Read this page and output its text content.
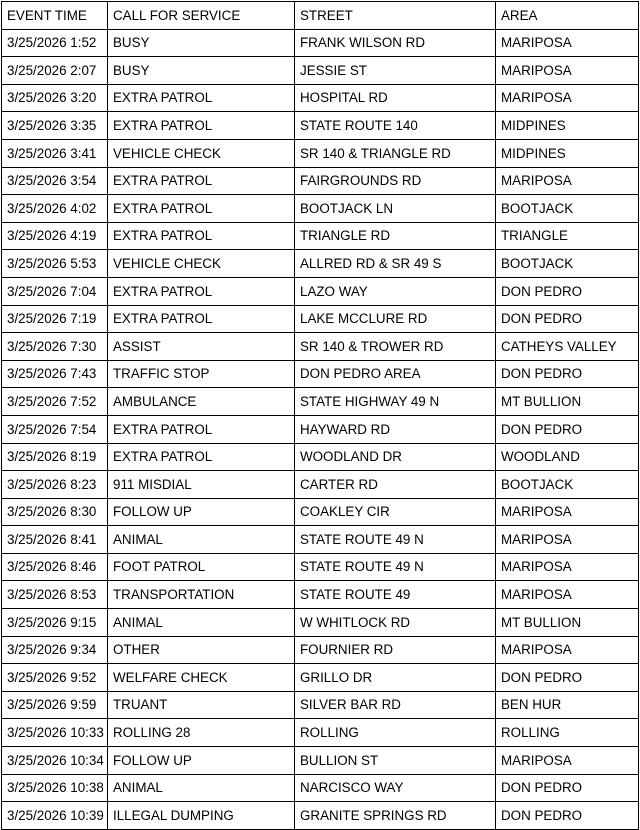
EVENT TIME	CALL FOR SERVICE	STREET	AREA
3/25/2026 1:52	BUSY	FRANK WILSON RD	MARIPOSA
3/25/2026 2:07	BUSY	JESSIE ST	MARIPOSA
3/25/2026 3:20	EXTRA PATROL	HOSPITAL RD	MARIPOSA
3/25/2026 3:35	EXTRA PATROL	STATE ROUTE 140	MIDPINES
3/25/2026 3:41	VEHICLE CHECK	SR 140 & TRIANGLE RD	MIDPINES
3/25/2026 3:54	EXTRA PATROL	FAIRGROUNDS RD	MARIPOSA
3/25/2026 4:02	EXTRA PATROL	BOOTJACK LN	BOOTJACK
3/25/2026 4:19	EXTRA PATROL	TRIANGLE RD	TRIANGLE
3/25/2026 5:53	VEHICLE CHECK	ALLRED RD & SR 49 S	BOOTJACK
3/25/2026 7:04	EXTRA PATROL	LAZO WAY	DON PEDRO
3/25/2026 7:19	EXTRA PATROL	LAKE MCCLURE RD	DON PEDRO
3/25/2026 7:30	ASSIST	SR 140 & TROWER RD	CATHEYS VALLEY
3/25/2026 7:43	TRAFFIC STOP	DON PEDRO AREA	DON PEDRO
3/25/2026 7:52	AMBULANCE	STATE HIGHWAY 49 N	MT BULLION
3/25/2026 7:54	EXTRA PATROL	HAYWARD RD	DON PEDRO
3/25/2026 8:19	EXTRA PATROL	WOODLAND DR	WOODLAND
3/25/2026 8:23	911 MISDIAL	CARTER RD	BOOTJACK
3/25/2026 8:30	FOLLOW UP	COAKLEY CIR	MARIPOSA
3/25/2026 8:41	ANIMAL	STATE ROUTE 49 N	MARIPOSA
3/25/2026 8:46	FOOT PATROL	STATE ROUTE 49 N	MARIPOSA
3/25/2026 8:53	TRANSPORTATION	STATE ROUTE 49	MARIPOSA
3/25/2026 9:15	ANIMAL	W WHITLOCK RD	MT BULLION
3/25/2026 9:34	OTHER	FOURNIER RD	MARIPOSA
3/25/2026 9:52	WELFARE CHECK	GRILLO DR	DON PEDRO
3/25/2026 9:59	TRUANT	SILVER BAR RD	BEN HUR
3/25/2026 10:33	ROLLING 28	ROLLING	ROLLING
3/25/2026 10:34	FOLLOW UP	BULLION ST	MARIPOSA
3/25/2026 10:38	ANIMAL	NARCISCO WAY	DON PEDRO
3/25/2026 10:39	ILLEGAL DUMPING	GRANITE SPRINGS RD	DON PEDRO
